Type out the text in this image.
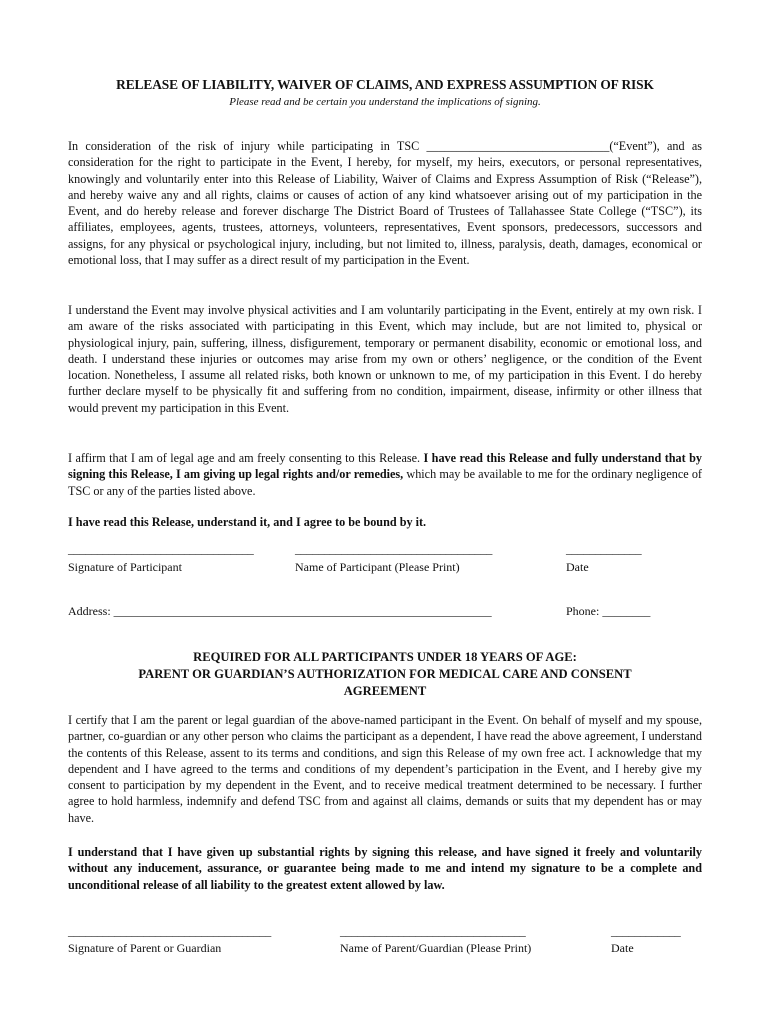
RELEASE OF LIABILITY, WAIVER OF CLAIMS, AND EXPRESS ASSUMPTION OF RISK
Please read and be certain you understand the implications of signing.

In consideration of the risk of injury while participating in TSC ______________________________(“Event”), and as consideration for the right to participate in the Event, I hereby, for myself, my heirs, executors, or personal representatives, knowingly and voluntarily enter into this Release of Liability, Waiver of Claims and Express Assumption of Risk (“Release”), and hereby waive any and all rights, claims or causes of action of any kind whatsoever arising out of my participation in the Event, and do hereby release and forever discharge The District Board of Trustees of Tallahassee State College (“TSC”), its affiliates, employees, agents, trustees, attorneys, volunteers, representatives, Event sponsors, predecessors, successors and assigns, for any physical or psychological injury, including, but not limited to, illness, paralysis, death, damages, economical or emotional loss, that I may suffer as a direct result of my participation in the Event.

I understand the Event may involve physical activities and I am voluntarily participating in the Event, entirely at my own risk. I am aware of the risks associated with participating in this Event, which may include, but are not limited to, physical or physiological injury, pain, suffering, illness, disfigurement, temporary or permanent disability, economic or emotional loss, and death. I understand these injuries or outcomes may arise from my own or others’ negligence, or the condition of the Event location. Nonetheless, I assume all related risks, both known or unknown to me, of my participation in this Event. I do hereby further declare myself to be physically fit and suffering from no condition, impairment, disease, infirmity or other illness that would prevent my participation in this Event.

I affirm that I am of legal age and am freely consenting to this Release. I have read this Release and fully understand that by signing this Release, I am giving up legal rights and/or remedies, which may be available to me for the ordinary negligence of TSC or any of the parties listed above.

I have read this Release, understand it, and I agree to be bound by it.
________________________________	__________________________________	_____________
Signature of Participant	Name of Participant (Please Print)	Date
Address: _______________________________________________________________	Phone: ________
REQUIRED FOR ALL PARTICIPANTS UNDER 18 YEARS OF AGE:
PARENT OR GUARDIAN’S AUTHORIZATION FOR MEDICAL CARE AND CONSENT
AGREEMENT

I certify that I am the parent or legal guardian of the above-named participant in the Event. On behalf of myself and my spouse, partner, co-guardian or any other person who claims the participant as a dependent, I have read the above agreement, I understand the contents of this Release, assent to its terms and conditions, and sign this Release of my own free act. I acknowledge that my dependent and I have agreed to the terms and conditions of my dependent’s participation in the Event, and I hereby give my consent to participation by my dependent in the Event, and to receive medical treatment determined to be necessary. I further agree to hold harmless, indemnify and defend TSC from and against all claims, demands or suits that my dependent has or may have.

I understand that I have given up substantial rights by signing this release, and have signed it freely and voluntarily without any inducement, assurance, or guarantee being made to me and intend my signature to be a complete and unconditional release of all liability to the greatest extent allowed by law.

___________________________________	________________________________	____________
Signature of Parent or Guardian	Name of Parent/Guardian (Please Print)	Date
